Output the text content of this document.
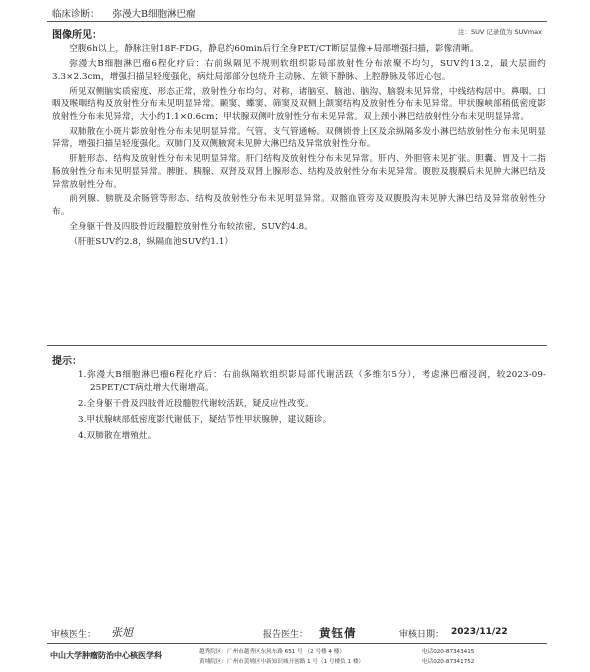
临床诊断： 弥漫大B细胞淋巴瘤
图像所见：	注：SUV 记录值为 SUVmax

空腹6h以上，静脉注射18F-FDG，静息约60min后行全身PET/CT断层显像+局部增强扫描，影像清晰。

弥漫大B细胞淋巴瘤6程化疗后：右前纵隔见不规则软组织影局部放射性分布浓聚不均匀，SUV约13.2，最大层面约3.3×2.3cm，增强扫描呈轻度强化，病灶局部部分包绕升主动脉、左锁下静脉、上腔静脉及邻近心包。

所见双侧脑实质密度、形态正常，放射性分布均匀、对称，诸脑室、脑池、脑沟、脑裂未见异常，中线结构居中。鼻咽、口咽及喉咽结构及放射性分布未见明显异常。颞窦、蝶窦、筛窦及双侧上颌窦结构及放射性分布未见异常。甲状腺峡部稍低密度影放射性分布未见异常，大小约1.1×0.6cm；甲状腺双侧叶放射性分布未见异常。双上颈小淋巴结放射性分布未见明显异常。

双肺散在小斑片影放射性分布未见明显异常。气管、支气管通畅。双侧锁骨上区及余纵隔多发小淋巴结放射性分布未见明显异常，增强扫描呈轻度强化。双肺门及双侧腋窝未见肿大淋巴结及异常放射性分布。

肝脏形态、结构及放射性分布未见明显异常。肝门结构及放射性分布未见异常。肝内、外胆管未见扩张。胆囊、胃及十二指肠放射性分布未见明显异常。脾脏、胰腺、双肾及双肾上腺形态、结构及放射性分布未见异常。腹腔及腹膜后未见肿大淋巴结及异常放射性分布。

前列腺、膀胱及余肠管等形态、结构及放射性分布未见明显异常。双髂血管旁及双腹股沟未见肿大淋巴结及异常放射性分布。

全身躯干骨及四肢骨近段髓腔放射性分布较浓密，SUV约4.8。

（肝脏SUV约2.8，纵隔血池SUV约1.1）

提示：

1.弥漫大B细胞淋巴瘤6程化疗后：右前纵隔软组织影局部代谢活跃（多维尔5分），考虑淋巴瘤浸润，较2023-09-25PET/CT病灶增大代谢增高。

2.全身躯干骨及四肢骨近段髓腔代谢较活跃，疑反应性改变。

3.甲状腺峡部低密度影代谢低下，疑结节性甲状腺肿，建议随诊。

4.双肺散在增殖灶。

审核医生： 张旭	报告医生： 黄钰倩	审核日期： 2023/11/22
中山大学肿瘤防治中心核医学科	越秀院区：广州市越秀区东风东路 651 号 （2 号楼 4 楼）
黄埔院区：广州市黄埔区中新知识城开创路 1 号（1 号楼负 1 楼）
电话020-87343415
电话020-87341752
